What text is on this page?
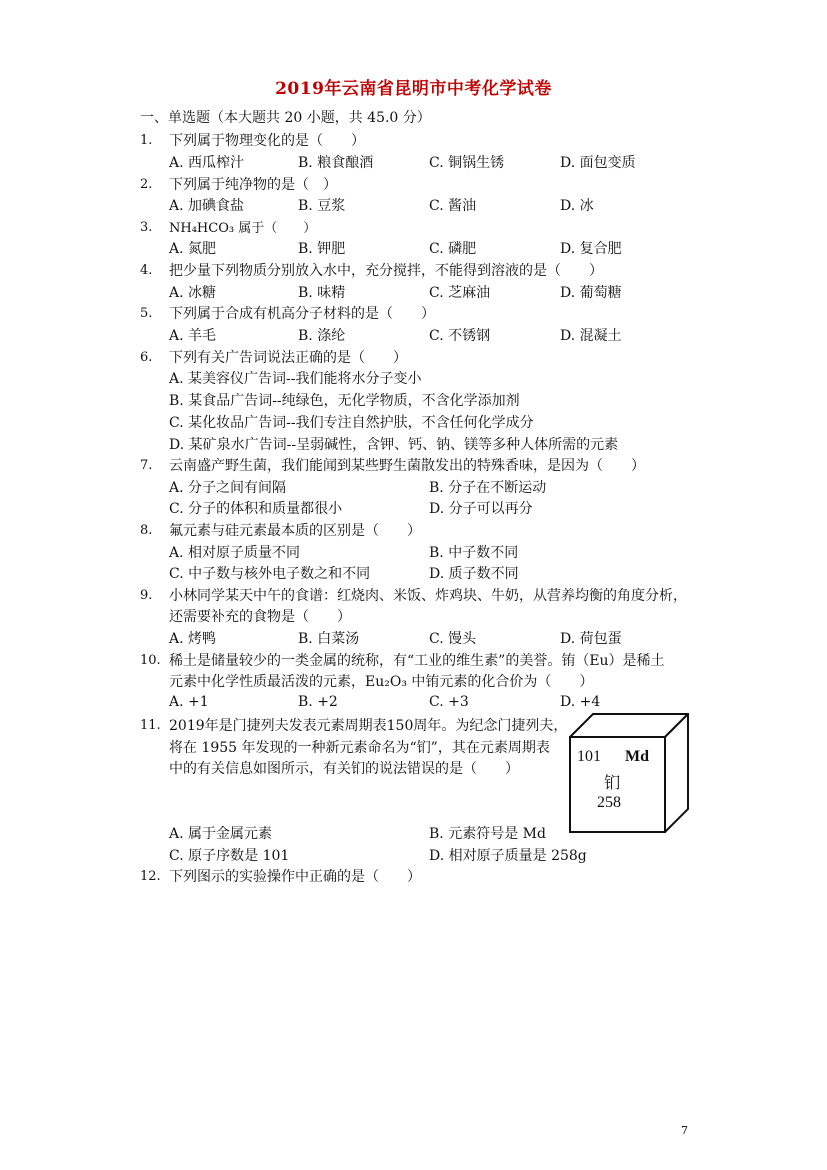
2019年云南省昆明市中考化学试卷
一、单选题（本大题共 20 小题，共 45.0 分）
1.	下列属于物理变化的是（　　）
A. 西瓜榨汁	B. 粮食酿酒	C. 铜锅生锈	D. 面包变质
2.	下列属于纯净物的是（　）
A. 加碘食盐	B. 豆浆	C. 酱油	D. 冰
3.	NH₄HCO₃ 属于（　　）
A. 氮肥	B. 钾肥	C. 磷肥	D. 复合肥
4.	把少量下列物质分别放入水中，充分搅拌，不能得到溶液的是（　　）
A. 冰糖	B. 味精	C. 芝麻油	D. 葡萄糖
5.	下列属于合成有机高分子材料的是（　　）
A. 羊毛	B. 涤纶	C. 不锈钢	D. 混凝土
6.	下列有关广告词说法正确的是（　　）
A. 某美容仪广告词--我们能将水分子变小
B. 某食品广告词--纯绿色，无化学物质，不含化学添加剂
C. 某化妆品广告词--我们专注自然护肤，不含任何化学成分
D. 某矿泉水广告词--呈弱碱性，含钾、钙、钠、镁等多种人体所需的元素
7.	云南盛产野生菌，我们能闻到某些野生菌散发出的特殊香味，是因为（　　）
A. 分子之间有间隔	B. 分子在不断运动
C. 分子的体积和质量都很小	D. 分子可以再分
8.	氟元素与硅元素最本质的区别是（　　）
A. 相对原子质量不同	B. 中子数不同
C. 中子数与核外电子数之和不同	D. 质子数不同
9.	小林同学某天中午的食谱：红烧肉、米饭、炸鸡块、牛奶，从营养均衡的角度分析，
还需要补充的食物是（　　）
A. 烤鸭	B. 白菜汤	C. 馒头	D. 荷包蛋
10. 稀土是储量较少的一类金属的统称，有“工业的维生素”的美誉。铕（Eu）是稀土
元素中化学性质最活泼的元素，Eu₂O₃ 中铕元素的化合价为（　　）
A. +1	B. +2	C. +3	D. +4
11. 2019年是门捷列夫发表元素周期表150周年。为纪念门捷列夫，
将在 1955 年发现的一种新元素命名为“钔”，其在元素周期表
中的有关信息如图所示，有关钔的说法错误的是（　　）
101 Md
钔
258
A. 属于金属元素	B. 元素符号是 Md
C. 原子序数是 101	D. 相对原子质量是 258g
12. 下列图示的实验操作中正确的是（　　）
7
